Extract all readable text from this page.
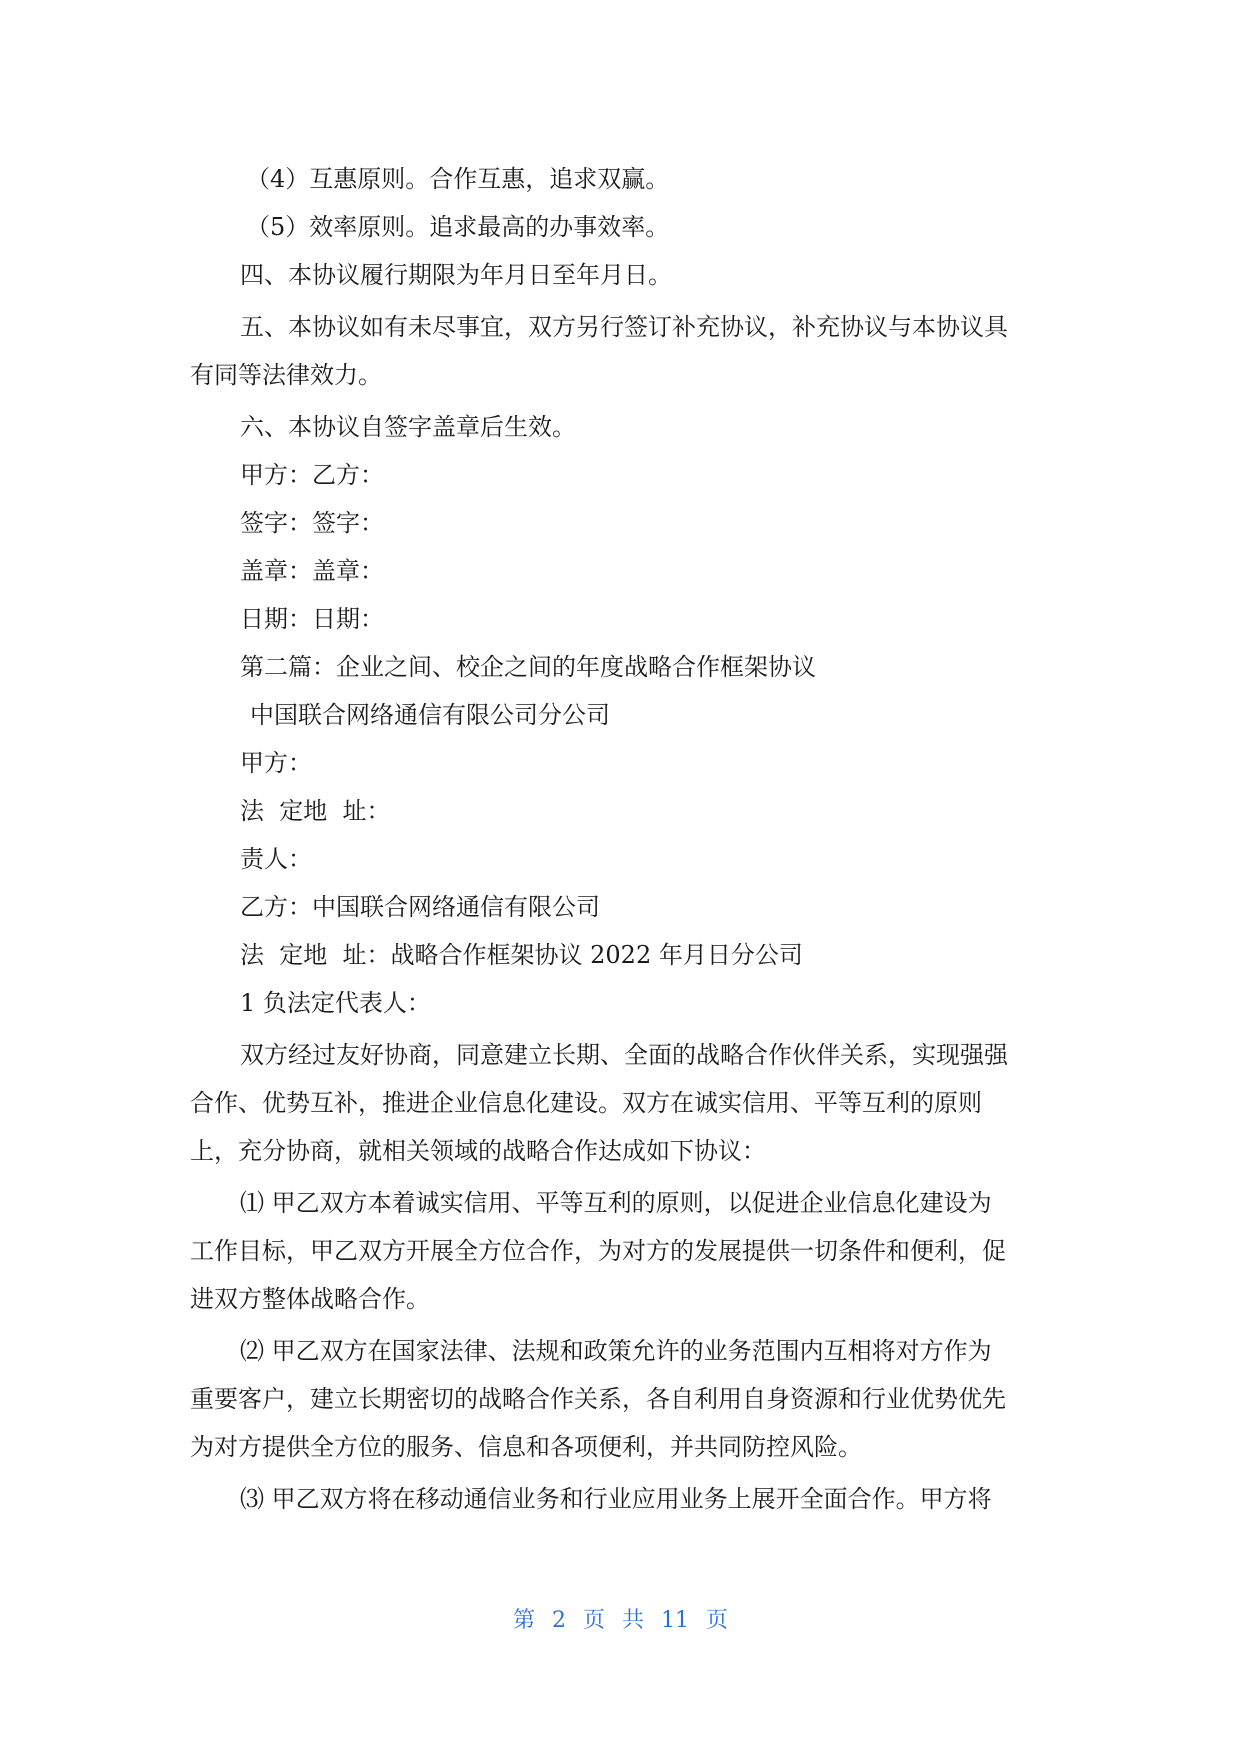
（4）互惠原则。合作互惠，追求双赢。

（5）效率原则。追求最高的办事效率。

四、本协议履行期限为年月日至年月日。

五、本协议如有未尽事宜，双方另行签订补充协议，补充协议与本协议具

有同等法律效力。

六、本协议自签字盖章后生效。

甲方：乙方：

签字：签字：

盖章：盖章：

日期：日期：

第二篇：企业之间、校企之间的年度战略合作框架协议

中国联合网络通信有限公司分公司

甲方：

法  定地  址：

责人：

乙方：中国联合网络通信有限公司

法  定地  址：战略合作框架协议 2022 年月日分公司

1 负法定代表人：

双方经过友好协商，同意建立长期、全面的战略合作伙伴关系，实现强强

合作、优势互补，推进企业信息化建设。双方在诚实信用、平等互利的原则

上，充分协商，就相关领域的战略合作达成如下协议：

⑴ 甲乙双方本着诚实信用、平等互利的原则，以促进企业信息化建设为

工作目标，甲乙双方开展全方位合作，为对方的发展提供一切条件和便利，促

进双方整体战略合作。

⑵ 甲乙双方在国家法律、法规和政策允许的业务范围内互相将对方作为

重要客户，建立长期密切的战略合作关系，各自利用自身资源和行业优势优先

为对方提供全方位的服务、信息和各项便利，并共同防控风险。

⑶ 甲乙双方将在移动通信业务和行业应用业务上展开全面合作。甲方将

第 2 页 共 11 页
